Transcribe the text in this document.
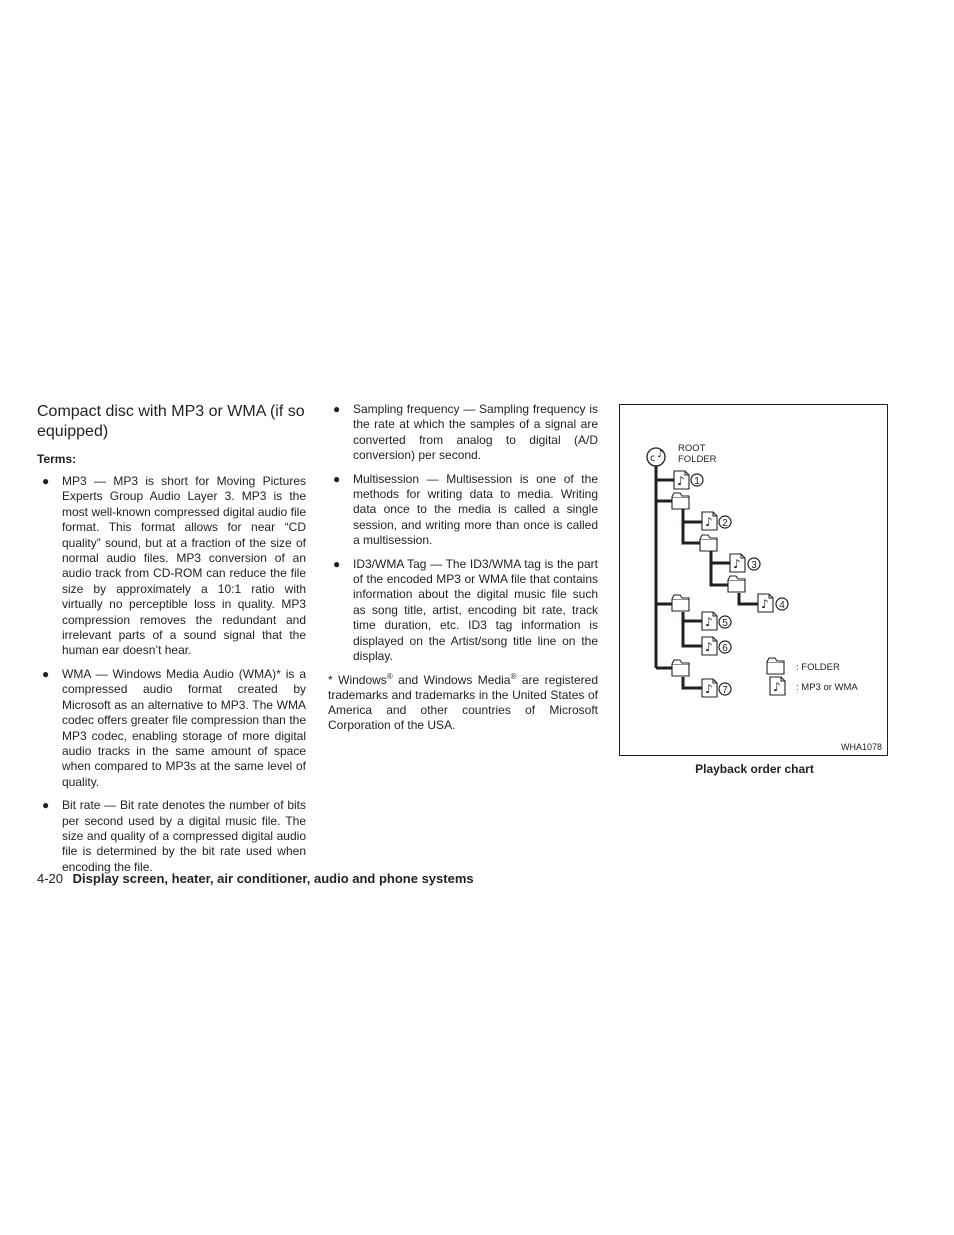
Compact disc with MP3 or WMA (if so equipped)
Terms:
● MP3 — MP3 is short for Moving Pictures Experts Group Audio Layer 3. MP3 is the most well-known compressed digital audio file format. This format allows for near “CD quality” sound, but at a fraction of the size of normal audio files. MP3 conversion of an audio track from CD-ROM can reduce the file size by approximately a 10:1 ratio with virtually no perceptible loss in quality. MP3 compression removes the redundant and irrelevant parts of a sound signal that the human ear doesn’t hear.
● WMA — Windows Media Audio (WMA)* is a compressed audio format created by Microsoft as an alternative to MP3. The WMA codec offers greater file compression than the MP3 codec, enabling storage of more digital audio tracks in the same amount of space when compared to MP3s at the same level of quality.
● Bit rate — Bit rate denotes the number of bits per second used by a digital music file. The size and quality of a compressed digital audio file is determined by the bit rate used when encoding the file.
● Sampling frequency — Sampling frequency is the rate at which the samples of a signal are converted from analog to digital (A/D conversion) per second.
● Multisession — Multisession is one of the methods for writing data to media. Writing data once to the media is called a single session, and writing more than once is called a multisession.
● ID3/WMA Tag — The ID3/WMA tag is the part of the encoded MP3 or WMA file that contains information about the digital music file such as song title, artist, encoding bit rate, track time duration, etc. ID3 tag information is displayed on the Artist/song title line on the display.
* Windows® and Windows Media® are registered trademarks and trademarks in the United States of America and other countries of Microsoft Corporation of the USA.
♪
c ♪
ROOT
FOLDER
1
2
3
4
5
6
7
: FOLDER
: MP3 or WMA
WHA1078
Playback order chart
4-20 Display screen, heater, air conditioner, audio and phone systems
